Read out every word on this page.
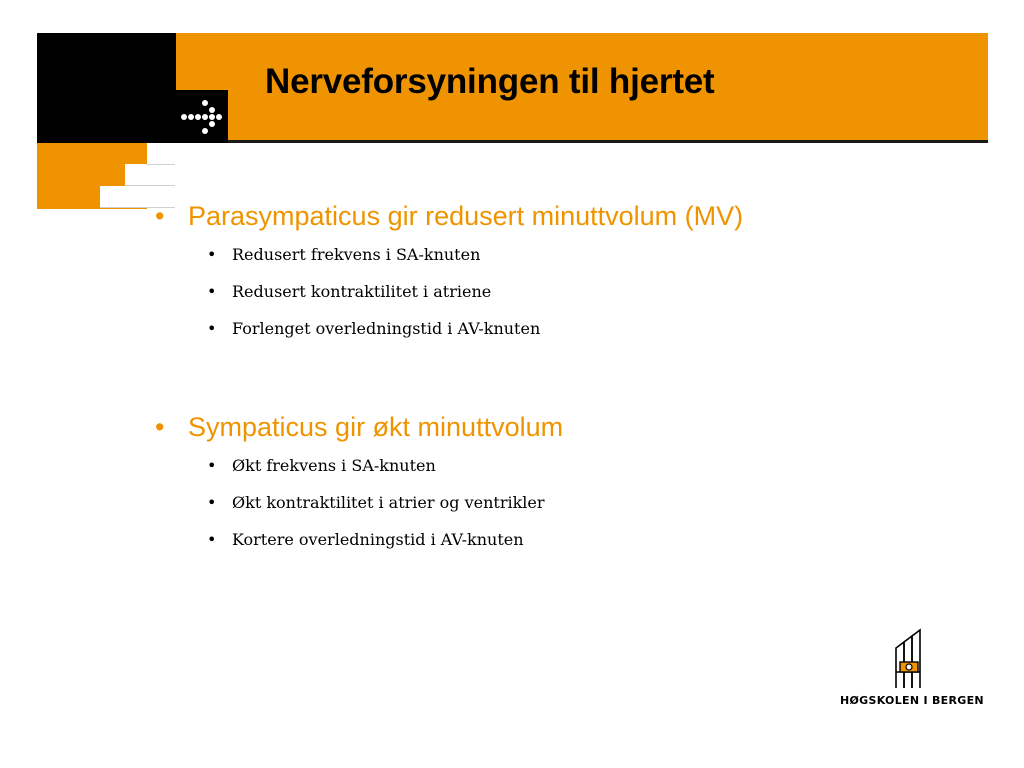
Nerveforsyningen til hjertet

• Parasympaticus gir redusert minuttvolum (MV)

• Redusert frekvens i SA-knuten
• Redusert kontraktilitet i atriene
• Forlenget overledningstid i AV-knuten

• Sympaticus gir økt minuttvolum

• Økt frekvens i SA-knuten
• Økt kontraktilitet i atrier og ventrikler
• Kortere overledningstid i AV-knuten
HØGSKOLEN I BERGEN
